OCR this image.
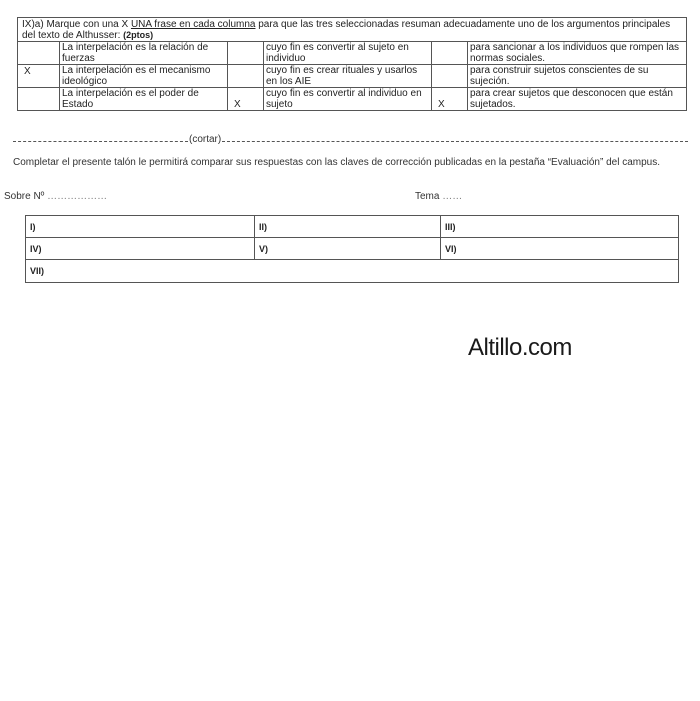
IX)a) Marque con una X UNA frase en cada columna para que las tres seleccionadas resuman adecuadamente uno de los argumentos principales del texto de Althusser: (2ptos)					
	La interpelación es la relación de fuerzas		cuyo fin es convertir al sujeto en individuo		para sancionar a los individuos que rompen las normas sociales.
X	La interpelación es el mecanismo ideológico		cuyo fin es crear rituales y usarlos en los AIE		para construir sujetos conscientes de su sujeción.
	La interpelación es el poder de Estado	X	cuyo fin es convertir al individuo en sujeto	X	para crear sujetos que desconocen que están sujetados.
(cortar)
Completar el presente talón le permitirá comparar sus respuestas con las claves de corrección publicadas en la pestaña “Evaluación” del campus.
Sobre Nº ………………	Tema ……
I)	II)	III)
IV)	V)	VI)
VII)		
Altillo.com
